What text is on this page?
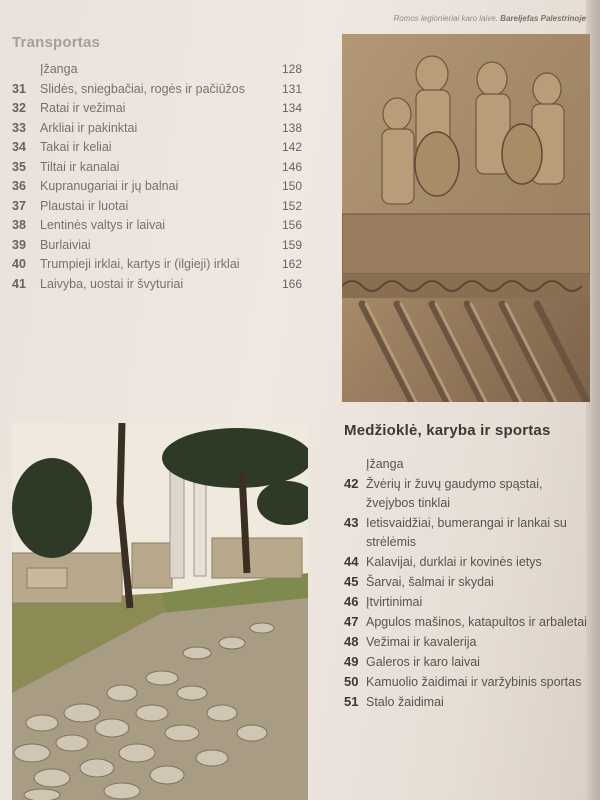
Transportas
Įžanga	128
31	Slidės, sniegbačiai, rogės ir pačiūžos	131
32	Ratai ir vežimai	134
33	Arkliai ir pakinktai	138
34	Takai ir keliai	142
35	Tiltai ir kanalai	146
36	Kupranugariai ir jų balnai	150
37	Plaustai ir luotai	152
38	Lentinės valtys ir laivai	156
39	Burlaiviai	159
40	Trumpieji irklai, kartys ir (ilgieji) irklai	162
41	Laivyba, uostai ir švyturiai	166
Romos legionieriai karo laive. Bareljefas Palestrinoje
Medžioklė, karyba ir sportas
Įžanga
42 Žvėrių ir žuvų gaudymo spąstai, žvejybos tinklai
43 Ietisvaidžiai, bumerangai ir lankai su strėlėmis
44 Kalavijai, durklai ir kovinės ietys
45 Šarvai, šalmai ir skydai
46 Įtvirtinimai
47 Apgulos mašinos, katapultos ir arbaletai
48 Vežimai ir kavalerija
49 Galeros ir karo laivai
50 Kamuolio žaidimai ir varžybinis sportas
51 Stalo žaidimai
